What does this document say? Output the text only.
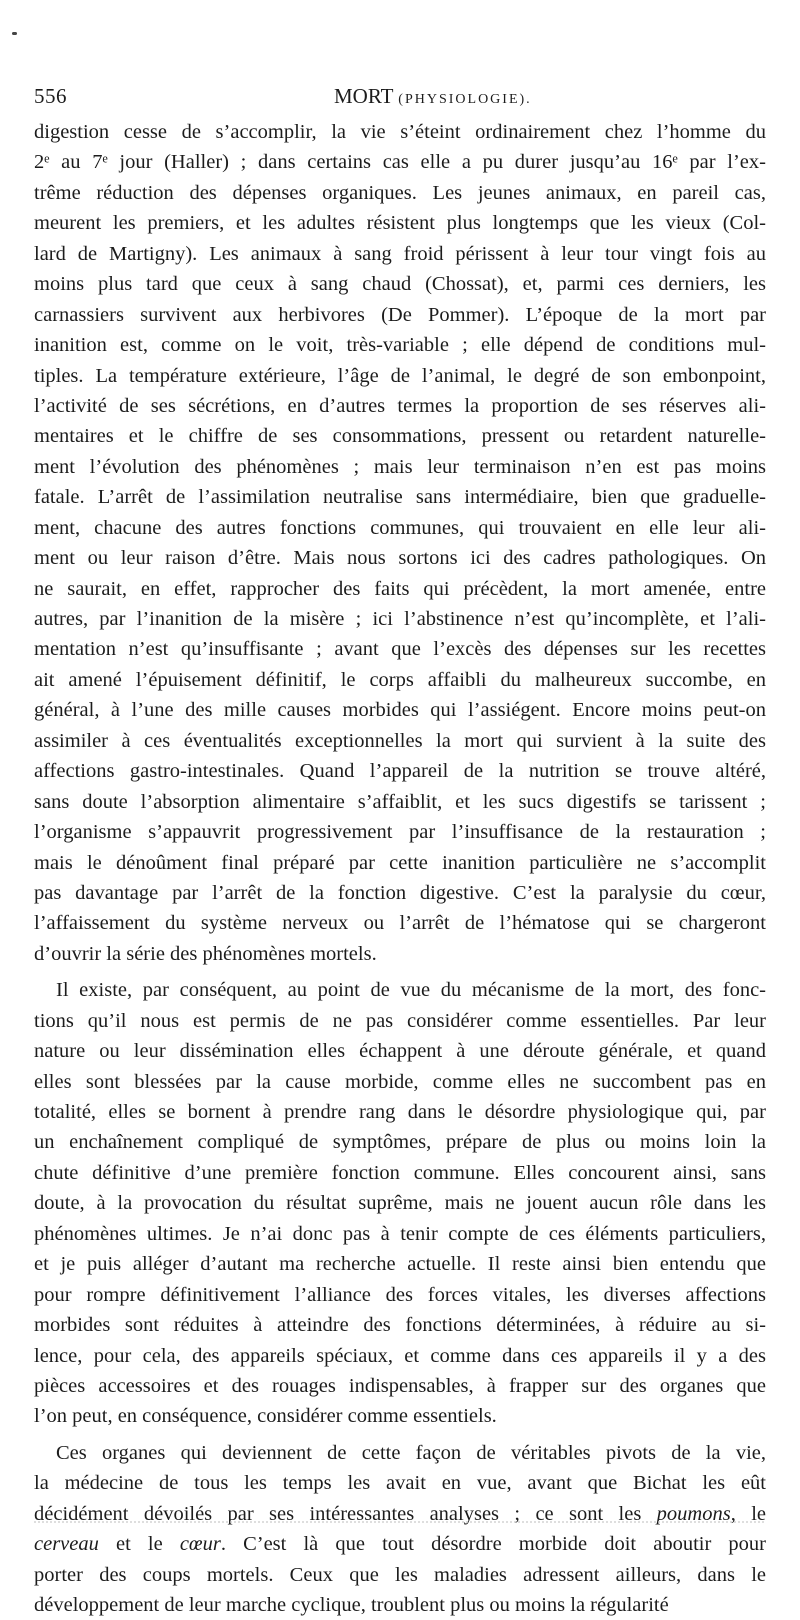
556	MORT (PHYSIOLOGIE).
digestion cesse de s’accomplir, la vie s’éteint ordinairement chez l’homme du
2ᵉ au 7ᵉ jour (Haller) ; dans certains cas elle a pu durer jusqu’au 16ᵉ par l’ex-
trême réduction des dépenses organiques. Les jeunes animaux, en pareil cas,
meurent les premiers, et les adultes résistent plus longtemps que les vieux (Col-
lard de Martigny). Les animaux à sang froid périssent à leur tour vingt fois au
moins plus tard que ceux à sang chaud (Chossat), et, parmi ces derniers, les
carnassiers survivent aux herbivores (De Pommer). L’époque de la mort par
inanition est, comme on le voit, très-variable ; elle dépend de conditions mul-
tiples. La température extérieure, l’âge de l’animal, le degré de son embonpoint,
l’activité de ses sécrétions, en d’autres termes la proportion de ses réserves ali-
mentaires et le chiffre de ses consommations, pressent ou retardent naturelle-
ment l’évolution des phénomènes ; mais leur terminaison n’en est pas moins
fatale. L’arrêt de l’assimilation neutralise sans intermédiaire, bien que graduelle-
ment, chacune des autres fonctions communes, qui trouvaient en elle leur ali-
ment ou leur raison d’être. Mais nous sortons ici des cadres pathologiques. On
ne saurait, en effet, rapprocher des faits qui précèdent, la mort amenée, entre
autres, par l’inanition de la misère ; ici l’abstinence n’est qu’incomplète, et l’ali-
mentation n’est qu’insuffisante ; avant que l’excès des dépenses sur les recettes
ait amené l’épuisement définitif, le corps affaibli du malheureux succombe, en
général, à l’une des mille causes morbides qui l’assiégent. Encore moins peut-on
assimiler à ces éventualités exceptionnelles la mort qui survient à la suite des
affections gastro-intestinales. Quand l’appareil de la nutrition se trouve altéré,
sans doute l’absorption alimentaire s’affaiblit, et les sucs digestifs se tarissent ;
l’organisme s’appauvrit progressivement par l’insuffisance de la restauration ;
mais le dénoûment final préparé par cette inanition particulière ne s’accomplit
pas davantage par l’arrêt de la fonction digestive. C’est la paralysie du cœur,
l’affaissement du système nerveux ou l’arrêt de l’hématose qui se chargeront
d’ouvrir la série des phénomènes mortels.
Il existe, par conséquent, au point de vue du mécanisme de la mort, des fonc-
tions qu’il nous est permis de ne pas considérer comme essentielles. Par leur
nature ou leur dissémination elles échappent à une déroute générale, et quand
elles sont blessées par la cause morbide, comme elles ne succombent pas en
totalité, elles se bornent à prendre rang dans le désordre physiologique qui, par
un enchaînement compliqué de symptômes, prépare de plus ou moins loin la
chute définitive d’une première fonction commune. Elles concourent ainsi, sans
doute, à la provocation du résultat suprême, mais ne jouent aucun rôle dans les
phénomènes ultimes. Je n’ai donc pas à tenir compte de ces éléments particuliers,
et je puis alléger d’autant ma recherche actuelle. Il reste ainsi bien entendu que
pour rompre définitivement l’alliance des forces vitales, les diverses affections
morbides sont réduites à atteindre des fonctions déterminées, à réduire au si-
lence, pour cela, des appareils spéciaux, et comme dans ces appareils il y a des
pièces accessoires et des rouages indispensables, à frapper sur des organes que
l’on peut, en conséquence, considérer comme essentiels.
Ces organes qui deviennent de cette façon de véritables pivots de la vie,
la médecine de tous les temps les avait en vue, avant que Bichat les eût
décidément dévoilés par ses intéressantes analyses ; ce sont les poumons, le
cerveau et le cœur. C’est là que tout désordre morbide doit aboutir pour
porter des coups mortels. Ceux que les maladies adressent ailleurs, dans le
développement de leur marche cyclique, troublent plus ou moins la régularité
